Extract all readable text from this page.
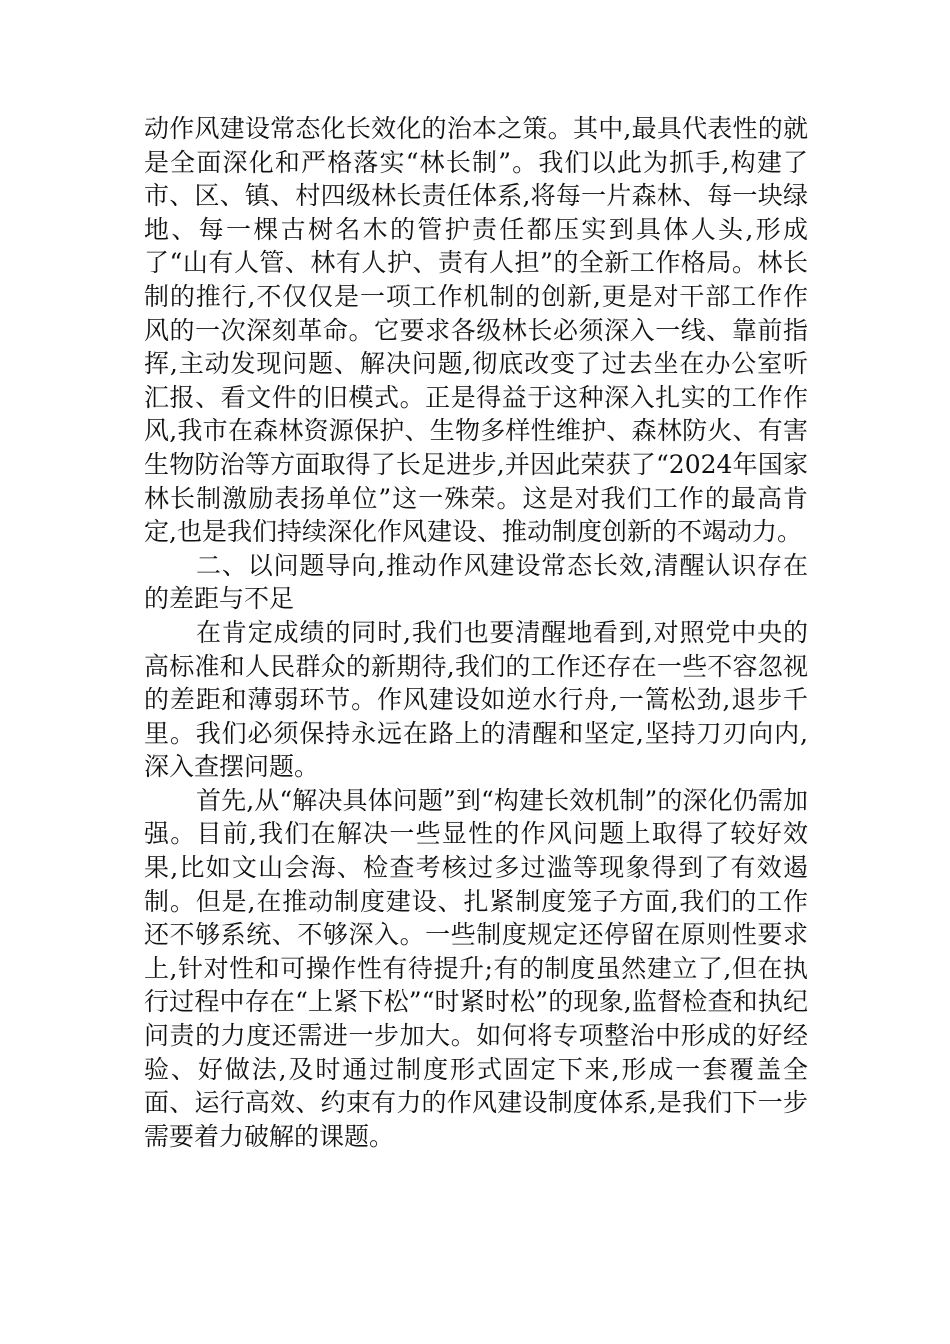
动作风建设常态化长效化的治本之策。其中,最具代表性的就是全面深化和严格落实“林长制”。我们以此为抓手,构建了市、区、镇、村四级林长责任体系,将每一片森林、每一块绿地、每一棵古树名木的管护责任都压实到具体人头,形成了“山有人管、林有人护、责有人担”的全新工作格局。林长制的推行,不仅仅是一项工作机制的创新,更是对干部工作作风的一次深刻革命。它要求各级林长必须深入一线、靠前指挥,主动发现问题、解决问题,彻底改变了过去坐在办公室听汇报、看文件的旧模式。正是得益于这种深入扎实的工作作风,我市在森林资源保护、生物多样性维护、森林防火、有害生物防治等方面取得了长足进步,并因此荣获了“2024年国家林长制激励表扬单位”这一殊荣。这是对我们工作的最高肯定,也是我们持续深化作风建设、推动制度创新的不竭动力。

二、以问题导向,推动作风建设常态长效,清醒认识存在的差距与不足

在肯定成绩的同时,我们也要清醒地看到,对照党中央的高标准和人民群众的新期待,我们的工作还存在一些不容忽视的差距和薄弱环节。作风建设如逆水行舟,一篙松劲,退步千里。我们必须保持永远在路上的清醒和坚定,坚持刀刃向内,深入查摆问题。

首先,从“解决具体问题”到“构建长效机制”的深化仍需加强。目前,我们在解决一些显性的作风问题上取得了较好效果,比如文山会海、检查考核过多过滥等现象得到了有效遏制。但是,在推动制度建设、扎紧制度笼子方面,我们的工作还不够系统、不够深入。一些制度规定还停留在原则性要求上,针对性和可操作性有待提升;有的制度虽然建立了,但在执行过程中存在“上紧下松”“时紧时松”的现象,监督检查和执纪问责的力度还需进一步加大。如何将专项整治中形成的好经验、好做法,及时通过制度形式固定下来,形成一套覆盖全面、运行高效、约束有力的作风建设制度体系,是我们下一步需要着力破解的课题。
